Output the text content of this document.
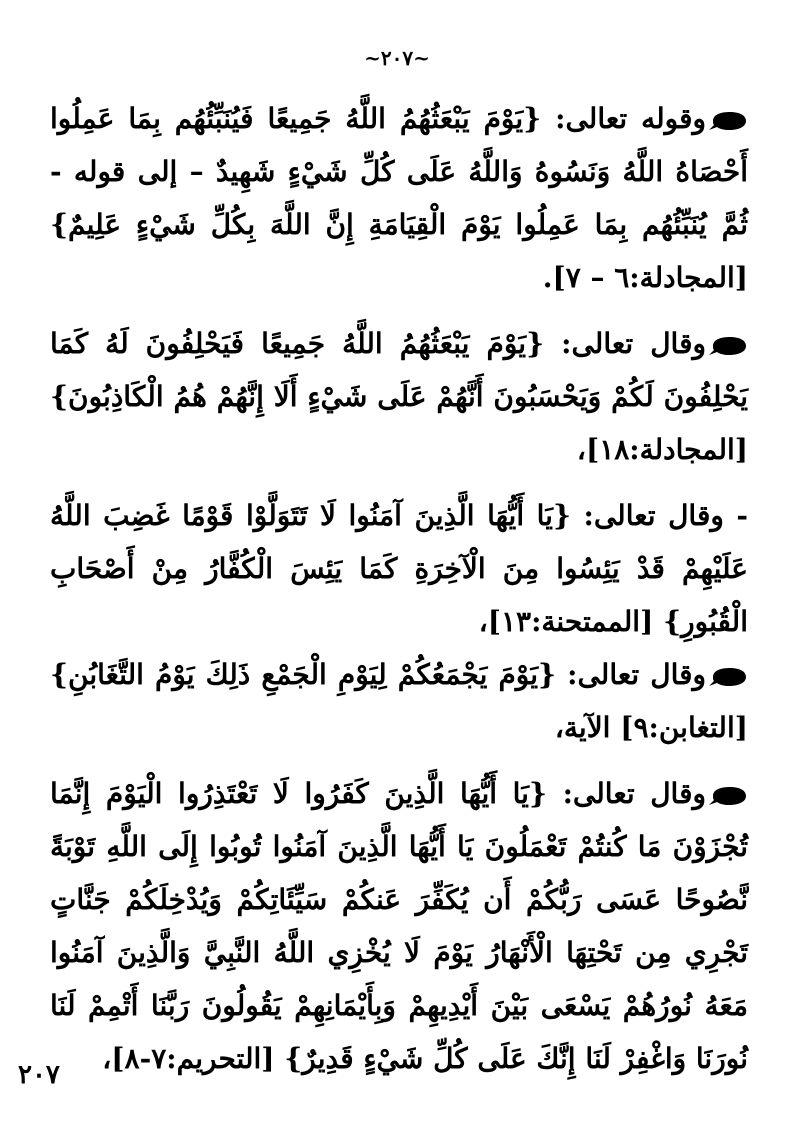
~٢٠٧~

وقوله تعالى: {يَوْمَ يَبْعَثُهُمُ اللَّهُ جَمِيعًا فَيُنَبِّئُهُم بِمَا عَمِلُوا أَحْصَاهُ اللَّهُ وَنَسُوهُ وَاللَّهُ عَلَى كُلِّ شَيْءٍ شَهِيدٌ – إلى قوله - ثُمَّ يُنَبِّئُهُم بِمَا عَمِلُوا يَوْمَ الْقِيَامَةِ إِنَّ اللَّهَ بِكُلِّ شَيْءٍ عَلِيمٌ} [المجادلة:٦ – ٧].

وقال تعالى: {يَوْمَ يَبْعَثُهُمُ اللَّهُ جَمِيعًا فَيَحْلِفُونَ لَهُ كَمَا يَحْلِفُونَ لَكُمْ وَيَحْسَبُونَ أَنَّهُمْ عَلَى شَيْءٍ أَلَا إِنَّهُمْ هُمُ الْكَاذِبُونَ} [المجادلة:١٨]،

- وقال تعالى: {يَا أَيُّهَا الَّذِينَ آمَنُوا لَا تَتَوَلَّوْا قَوْمًا غَضِبَ اللَّهُ عَلَيْهِمْ قَدْ يَئِسُوا مِنَ الْآخِرَةِ كَمَا يَئِسَ الْكُفَّارُ مِنْ أَصْحَابِ الْقُبُورِ} [الممتحنة:١٣]،

وقال تعالى: {يَوْمَ يَجْمَعُكُمْ لِيَوْمِ الْجَمْعِ ذَلِكَ يَوْمُ التَّغَابُنِ} [التغابن:٩] الآية،

وقال تعالى: {يَا أَيُّهَا الَّذِينَ كَفَرُوا لَا تَعْتَذِرُوا الْيَوْمَ إِنَّمَا تُجْزَوْنَ مَا كُنتُمْ تَعْمَلُونَ يَا أَيُّهَا الَّذِينَ آمَنُوا تُوبُوا إِلَى اللَّهِ تَوْبَةً نَّصُوحًا عَسَى رَبُّكُمْ أَن يُكَفِّرَ عَنكُمْ سَيِّئَاتِكُمْ وَيُدْخِلَكُمْ جَنَّاتٍ تَجْرِي مِن تَحْتِهَا الْأَنْهَارُ يَوْمَ لَا يُخْزِي اللَّهُ النَّبِيَّ وَالَّذِينَ آمَنُوا مَعَهُ نُورُهُمْ يَسْعَى بَيْنَ أَيْدِيهِمْ وَبِأَيْمَانِهِمْ يَقُولُونَ رَبَّنَا أَتْمِمْ لَنَا نُورَنَا وَاغْفِرْ لَنَا إِنَّكَ عَلَى كُلِّ شَيْءٍ قَدِيرٌ} [التحريم:٧-٨]،

٢٠٧
